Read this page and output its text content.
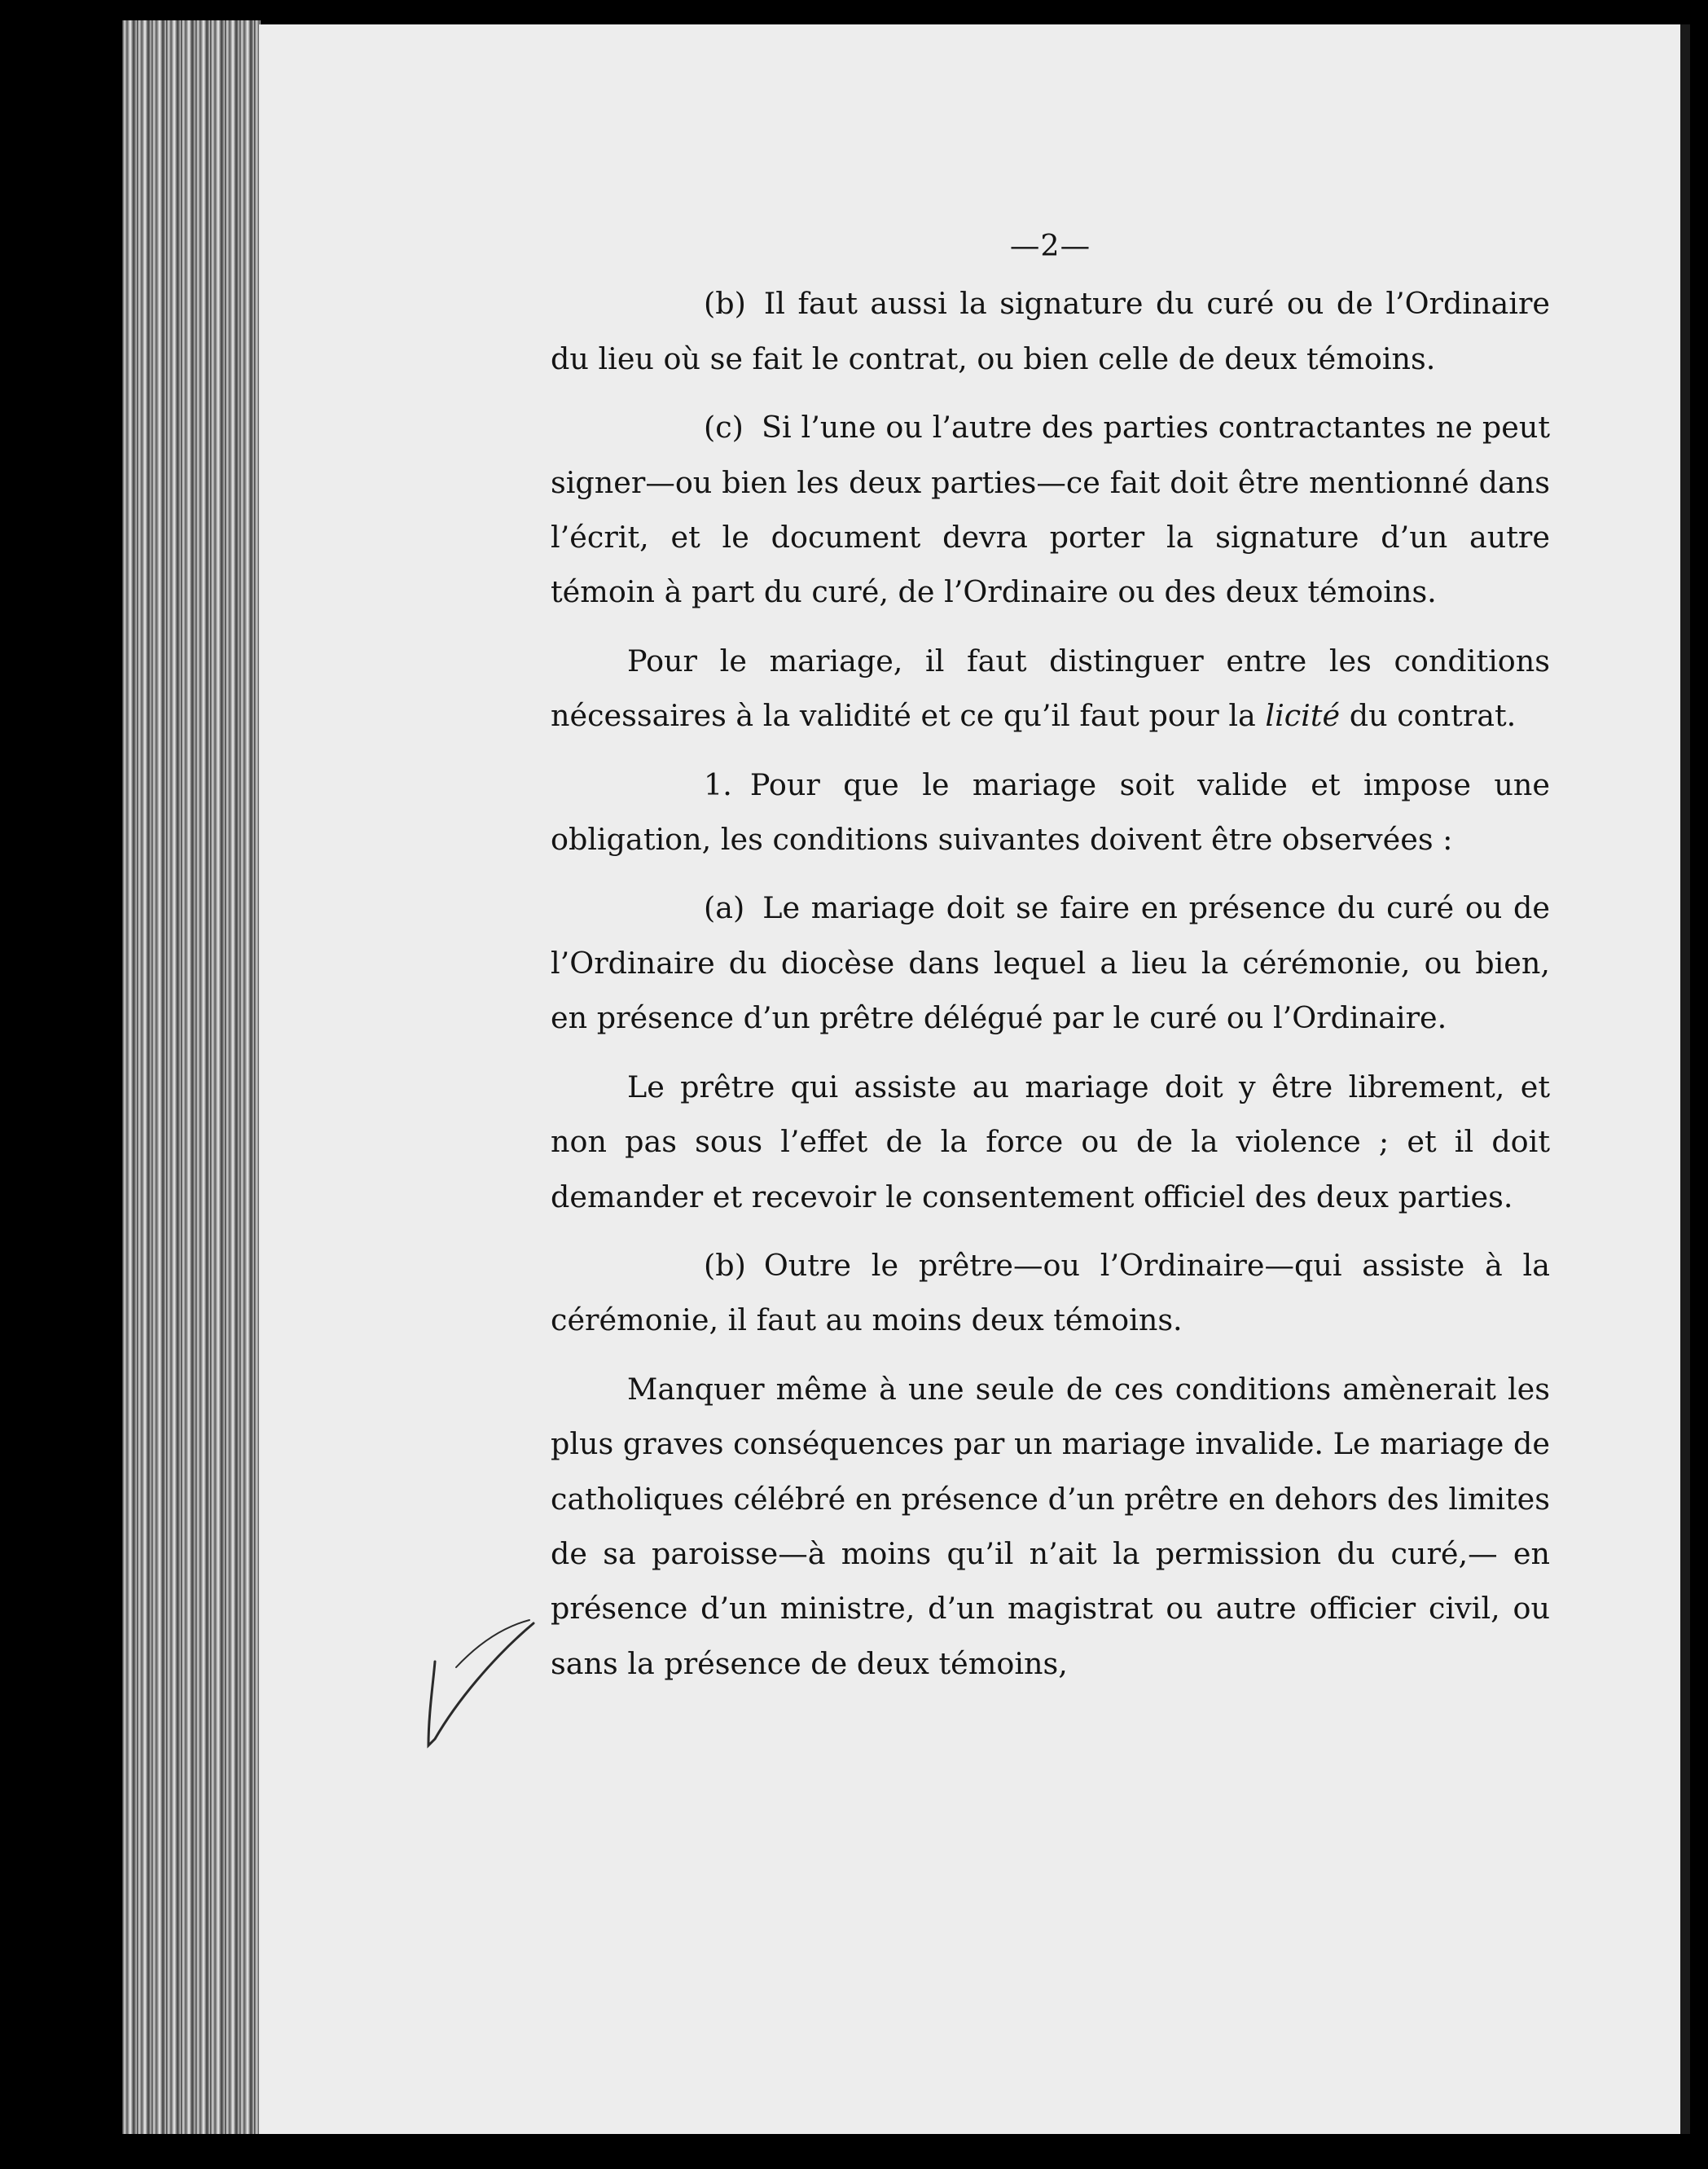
—2—

(b) Il faut aussi la signature du curé ou de l’Ordinaire du lieu où se fait le contrat, ou bien celle de deux témoins.

(c) Si l’une ou l’autre des parties contractantes ne peut signer—ou bien les deux parties—ce fait doit être mentionné dans l’écrit, et le document devra porter la signature d’un autre témoin à part du curé, de l’Ordinaire ou des deux témoins.

Pour le mariage, il faut distinguer entre les conditions nécessaires à la validité et ce qu’il faut pour la licité du contrat.

1. Pour que le mariage soit valide et impose une obligation, les conditions suivantes doivent être observées :

(a) Le mariage doit se faire en présence du curé ou de l’Ordinaire du diocèse dans lequel a lieu la cérémonie, ou bien, en présence d’un prêtre délégué par le curé ou l’Ordinaire.

Le prêtre qui assiste au mariage doit y être librement, et non pas sous l’effet de la force ou de la violence ; et il doit demander et recevoir le consentement officiel des deux parties.

(b) Outre le prêtre—ou l’Ordinaire—qui assiste à la cérémonie, il faut au moins deux témoins.

Manquer même à une seule de ces conditions amènerait les plus graves conséquences par un mariage invalide. Le mariage de catholiques célébré en présence d’un prêtre en dehors des limites de sa paroisse—à moins qu’il n’ait la permission du curé,— en présence d’un ministre, d’un magistrat ou autre officier civil, ou sans la présence de deux témoins,
